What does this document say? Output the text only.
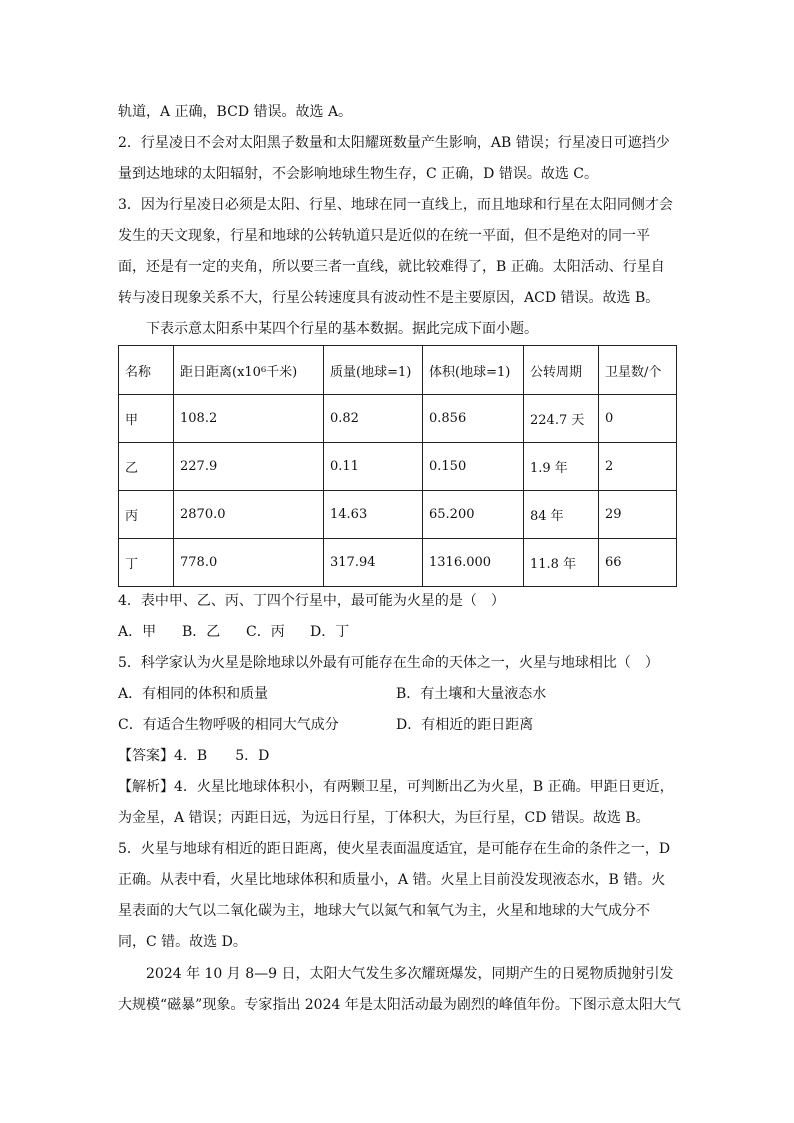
轨道，A 正确，BCD 错误。故选 A。
2．行星凌日不会对太阳黑子数量和太阳耀斑数量产生影响，AB 错误；行星凌日可遮挡少
量到达地球的太阳辐射，不会影响地球生物生存，C 正确，D 错误。故选 C。
3．因为行星凌日必须是太阳、行星、地球在同一直线上，而且地球和行星在太阳同侧才会
发生的天文现象，行星和地球的公转轨道只是近似的在统一平面，但不是绝对的同一平
面，还是有一定的夹角，所以要三者一直线，就比较难得了，B 正确。太阳活动、行星自
转与凌日现象关系不大，行星公转速度具有波动性不是主要原因，ACD 错误。故选 B。
下表示意太阳系中某四个行星的基本数据。据此完成下面小题。
名称	距日距离(x10⁶千米)	质量(地球=1)	体积(地球=1)	公转周期	卫星数/个
甲	108.2	0.82	0.856	224.7 天	0
乙	227.9	0.11	0.150	1.9 年	2
丙	2870.0	14.63	65.200	84 年	29
丁	778.0	317.94	1316.000	11.8 年	66
4．表中甲、乙、丙、丁四个行星中，最可能为火星的是（　）
A．甲 B．乙 C．丙 D．丁
5．科学家认为火星是除地球以外最有可能存在生命的天体之一，火星与地球相比（　）
A．有相同的体积和质量	B．有土壤和大量液态水
C．有适合生物呼吸的相同大气成分	D．有相近的距日距离
【答案】4．B　　5．D
【解析】4．火星比地球体积小，有两颗卫星，可判断出乙为火星，B 正确。甲距日更近，
为金星，A 错误；丙距日远，为远日行星，丁体积大，为巨行星，CD 错误。故选 B。
5．火星与地球有相近的距日距离，使火星表面温度适宜，是可能存在生命的条件之一，D
正确。从表中看，火星比地球体积和质量小，A 错。火星上目前没发现液态水，B 错。火
星表面的大气以二氧化碳为主，地球大气以氮气和氧气为主，火星和地球的大气成分不
同，C 错。故选 D。
2024 年 10 月 8—9 日，太阳大气发生多次耀斑爆发，同期产生的日冕物质抛射引发
大规模“磁暴”现象。专家指出 2024 年是太阳活动最为剧烈的峰值年份。下图示意太阳大气
